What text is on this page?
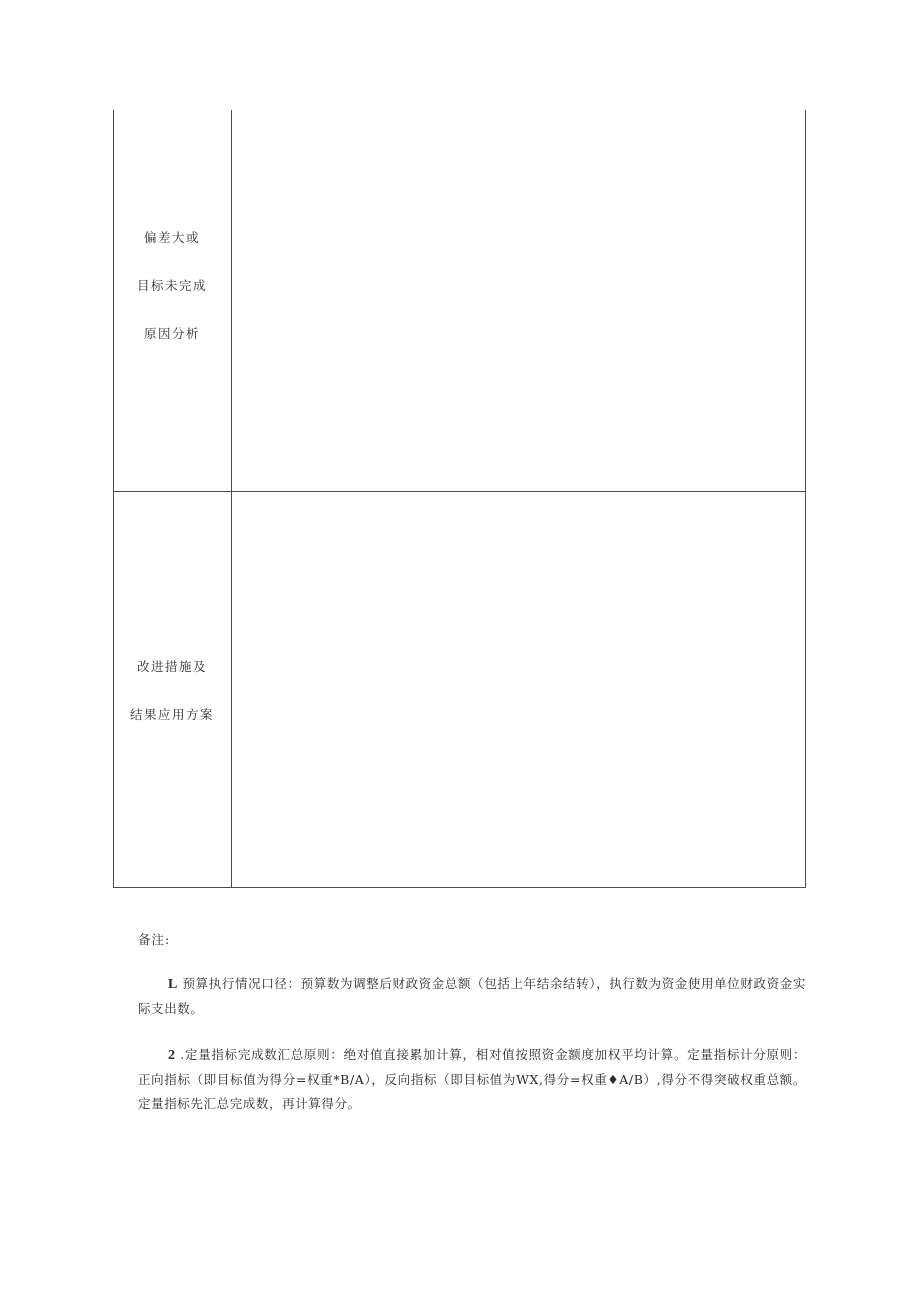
偏差大或
目标未完成
原因分析
改进措施及
结果应用方案

备注:

L 预算执行情况口径：预算数为调整后财政资金总额（包括上年结余结转），执行数为资金使用单位财政资金实际支出数。

2 .定量指标完成数汇总原则：绝对值直接累加计算，相对值按照资金额度加权平均计算。定量指标计分原则：正向指标（即目标值为得分=权重*B/A），反向指标（即目标值为WX,得分=权重♦A/B）,得分不得突破权重总额。定量指标先汇总完成数，再计算得分。
